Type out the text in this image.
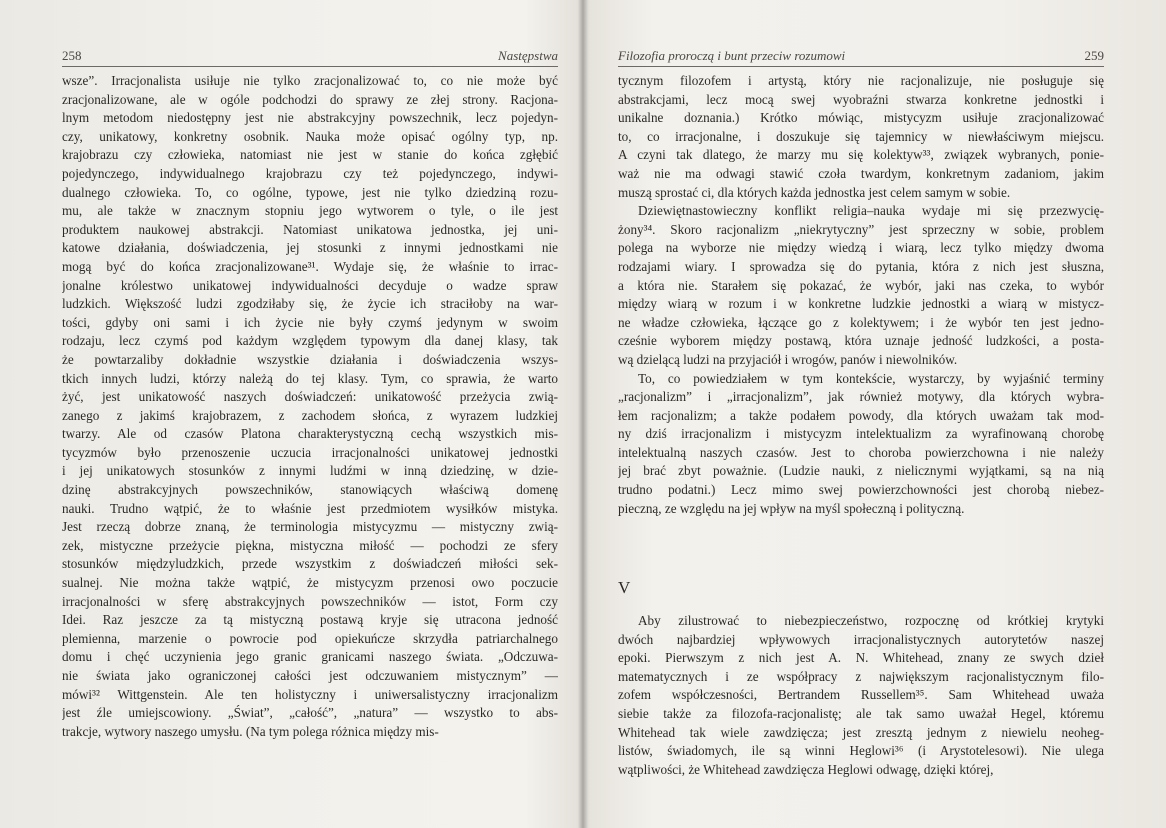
258	Następstwa
wsze”. Irracjonalista usiłuje nie tylko zracjonalizować to, co nie może być
zracjonalizowane, ale w ogóle podchodzi do sprawy ze złej strony. Racjona-
lnym metodom niedostępny jest nie abstrakcyjny powszechnik, lecz pojedyn-
czy, unikatowy, konkretny osobnik. Nauka może opisać ogólny typ, np.
krajobrazu czy człowieka, natomiast nie jest w stanie do końca zgłębić
pojedynczego, indywidualnego krajobrazu czy też pojedynczego, indywi-
dualnego człowieka. To, co ogólne, typowe, jest nie tylko dziedziną rozu-
mu, ale także w znacznym stopniu jego wytworem o tyle, o ile jest
produktem naukowej abstrakcji. Natomiast unikatowa jednostka, jej uni-
katowe działania, doświadczenia, jej stosunki z innymi jednostkami nie
mogą być do końca zracjonalizowane³¹. Wydaje się, że właśnie to irrac-
jonalne królestwo unikatowej indywidualności decyduje o wadze spraw
ludzkich. Większość ludzi zgodziłaby się, że życie ich straciłoby na war-
tości, gdyby oni sami i ich życie nie były czymś jedynym w swoim
rodzaju, lecz czymś pod każdym względem typowym dla danej klasy, tak
że powtarzaliby dokładnie wszystkie działania i doświadczenia wszys-
tkich innych ludzi, którzy należą do tej klasy. Tym, co sprawia, że warto
żyć, jest unikatowość naszych doświadczeń: unikatowość przeżycia zwią-
zanego z jakimś krajobrazem, z zachodem słońca, z wyrazem ludzkiej
twarzy. Ale od czasów Platona charakterystyczną cechą wszystkich mis-
tycyzmów było przenoszenie uczucia irracjonalności unikatowej jednostki
i jej unikatowych stosunków z innymi ludźmi w inną dziedzinę, w dzie-
dzinę abstrakcyjnych powszechników, stanowiących właściwą domenę
nauki. Trudno wątpić, że to właśnie jest przedmiotem wysiłków mistyka.
Jest rzeczą dobrze znaną, że terminologia mistycyzmu — mistyczny zwią-
zek, mistyczne przeżycie piękna, mistyczna miłość — pochodzi ze sfery
stosunków międzyludzkich, przede wszystkim z doświadczeń miłości sek-
sualnej. Nie można także wątpić, że mistycyzm przenosi owo poczucie
irracjonalności w sferę abstrakcyjnych powszechników — istot, Form czy
Idei. Raz jeszcze za tą mistyczną postawą kryje się utracona jedność
plemienna, marzenie o powrocie pod opiekuńcze skrzydła patriarchalnego
domu i chęć uczynienia jego granic granicami naszego świata. „Odczuwa-
nie świata jako ograniczonej całości jest odczuwaniem mistycznym” —
mówi³² Wittgenstein. Ale ten holistyczny i uniwersalistyczny irracjonalizm
jest źle umiejscowiony. „Świat”, „całość”, „natura” — wszystko to abs-
trakcje, wytwory naszego umysłu. (Na tym polega różnica między mis-
Filozofia proroczą i bunt przeciw rozumowi	259
tycznym filozofem i artystą, który nie racjonalizuje, nie posługuje się
abstrakcjami, lecz mocą swej wyobraźni stwarza konkretne jednostki i
unikalne doznania.) Krótko mówiąc, mistycyzm usiłuje zracjonalizować
to, co irracjonalne, i doszukuje się tajemnicy w niewłaściwym miejscu.
A czyni tak dlatego, że marzy mu się kolektyw³³, związek wybranych, ponie-
waż nie ma odwagi stawić czoła twardym, konkretnym zadaniom, jakim
muszą sprostać ci, dla których każda jednostka jest celem samym w sobie.
Dziewiętnastowieczny konflikt religia–nauka wydaje mi się przezwycię-
żony³⁴. Skoro racjonalizm „niekrytyczny” jest sprzeczny w sobie, problem
polega na wyborze nie między wiedzą i wiarą, lecz tylko między dwoma
rodzajami wiary. I sprowadza się do pytania, która z nich jest słuszna,
a która nie. Starałem się pokazać, że wybór, jaki nas czeka, to wybór
między wiarą w rozum i w konkretne ludzkie jednostki a wiarą w mistycz-
ne władze człowieka, łączące go z kolektywem; i że wybór ten jest jedno-
cześnie wyborem między postawą, która uznaje jedność ludzkości, a posta-
wą dzielącą ludzi na przyjaciół i wrogów, panów i niewolników.
To, co powiedziałem w tym kontekście, wystarczy, by wyjaśnić terminy
„racjonalizm” i „irracjonalizm”, jak również motywy, dla których wybra-
łem racjonalizm; a także podałem powody, dla których uważam tak mod-
ny dziś irracjonalizm i mistycyzm intelektualizm za wyrafinowaną chorobę
intelektualną naszych czasów. Jest to choroba powierzchowna i nie należy
jej brać zbyt poważnie. (Ludzie nauki, z nielicznymi wyjątkami, są na nią
trudno podatni.) Lecz mimo swej powierzchowności jest chorobą niebez-
pieczną, ze względu na jej wpływ na myśl społeczną i polityczną.
V
Aby zilustrować to niebezpieczeństwo, rozpocznę od krótkiej krytyki
dwóch najbardziej wpływowych irracjonalistycznych autorytetów naszej
epoki. Pierwszym z nich jest A. N. Whitehead, znany ze swych dzieł
matematycznych i ze współpracy z największym racjonalistycznym filo-
zofem współczesności, Bertrandem Russellem³⁵. Sam Whitehead uważa
siebie także za filozofa-racjonalistę; ale tak samo uważał Hegel, któremu
Whitehead tak wiele zawdzięcza; jest zresztą jednym z niewielu neoheg-
listów, świadomych, ile są winni Heglowi³⁶ (i Arystotelesowi). Nie ulega
wątpliwości, że Whitehead zawdzięcza Heglowi odwagę, dzięki której,
